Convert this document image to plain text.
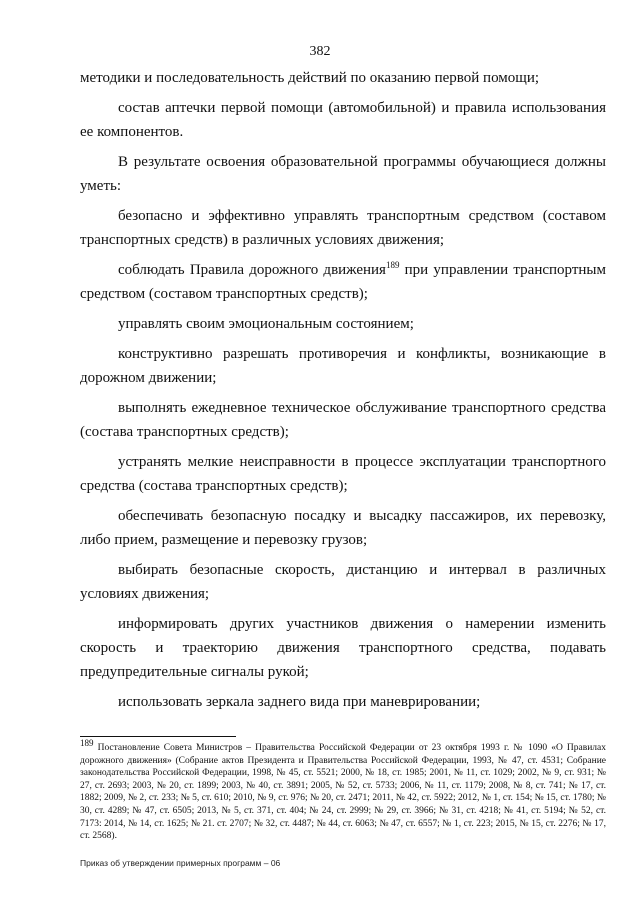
382

методики и последовательность действий по оказанию первой помощи;

состав аптечки первой помощи (автомобильной) и правила использования ее компонентов.

В результате освоения образовательной программы обучающиеся должны уметь:

безопасно и эффективно управлять транспортным средством (составом транспортных средств) в различных условиях движения;

соблюдать Правила дорожного движения$^{189}$ при управлении транспортным средством (составом транспортных средств);

управлять своим эмоциональным состоянием;

конструктивно разрешать противоречия и конфликты, возникающие в дорожном движении;

выполнять ежедневное техническое обслуживание транспортного средства (состава транспортных средств);

устранять мелкие неисправности в процессе эксплуатации транспортного средства (состава транспортных средств);

обеспечивать безопасную посадку и высадку пассажиров, их перевозку, либо прием, размещение и перевозку грузов;

выбирать безопасные скорость, дистанцию и интервал в различных условиях движения;

информировать других участников движения о намерении изменить скорость и траекторию движения транспортного средства, подавать предупредительные сигналы рукой;

использовать зеркала заднего вида при маневрировании;

$^{189}$ Постановление Совета Министров – Правительства Российской Федерации от 23 октября 1993 г. № 1090 «О Правилах дорожного движения» (Собрание актов Президента и Правительства Российской Федерации, 1993, № 47, ст. 4531; Собрание законодательства Российской Федерации, 1998, № 45, ст. 5521; 2000, № 18, ст. 1985; 2001, № 11, ст. 1029; 2002, № 9, ст. 931; № 27, ст. 2693; 2003, № 20, ст. 1899; 2003, № 40, ст. 3891; 2005, № 52, ст. 5733; 2006, № 11, ст. 1179; 2008, № 8, ст. 741; № 17, ст. 1882; 2009, № 2, ст. 233; № 5, ст. 610; 2010, № 9, ст. 976; № 20, ст. 2471; 2011, № 42, ст. 5922; 2012, № 1, ст. 154; № 15, ст. 1780; № 30, ст. 4289; № 47, ст. 6505; 2013, № 5, ст. 371, ст. 404; № 24, ст. 2999; № 29, ст. 3966; № 31, ст. 4218; № 41, ст. 5194; № 52, ст. 7173: 2014, № 14, ст. 1625; № 21. ст. 2707; № 32, ст. 4487; № 44, ст. 6063; № 47, ст. 6557; № 1, ст. 223; 2015, № 15, ст. 2276; № 17, ст. 2568).
Приказ об утверждении примерных программ – 06
